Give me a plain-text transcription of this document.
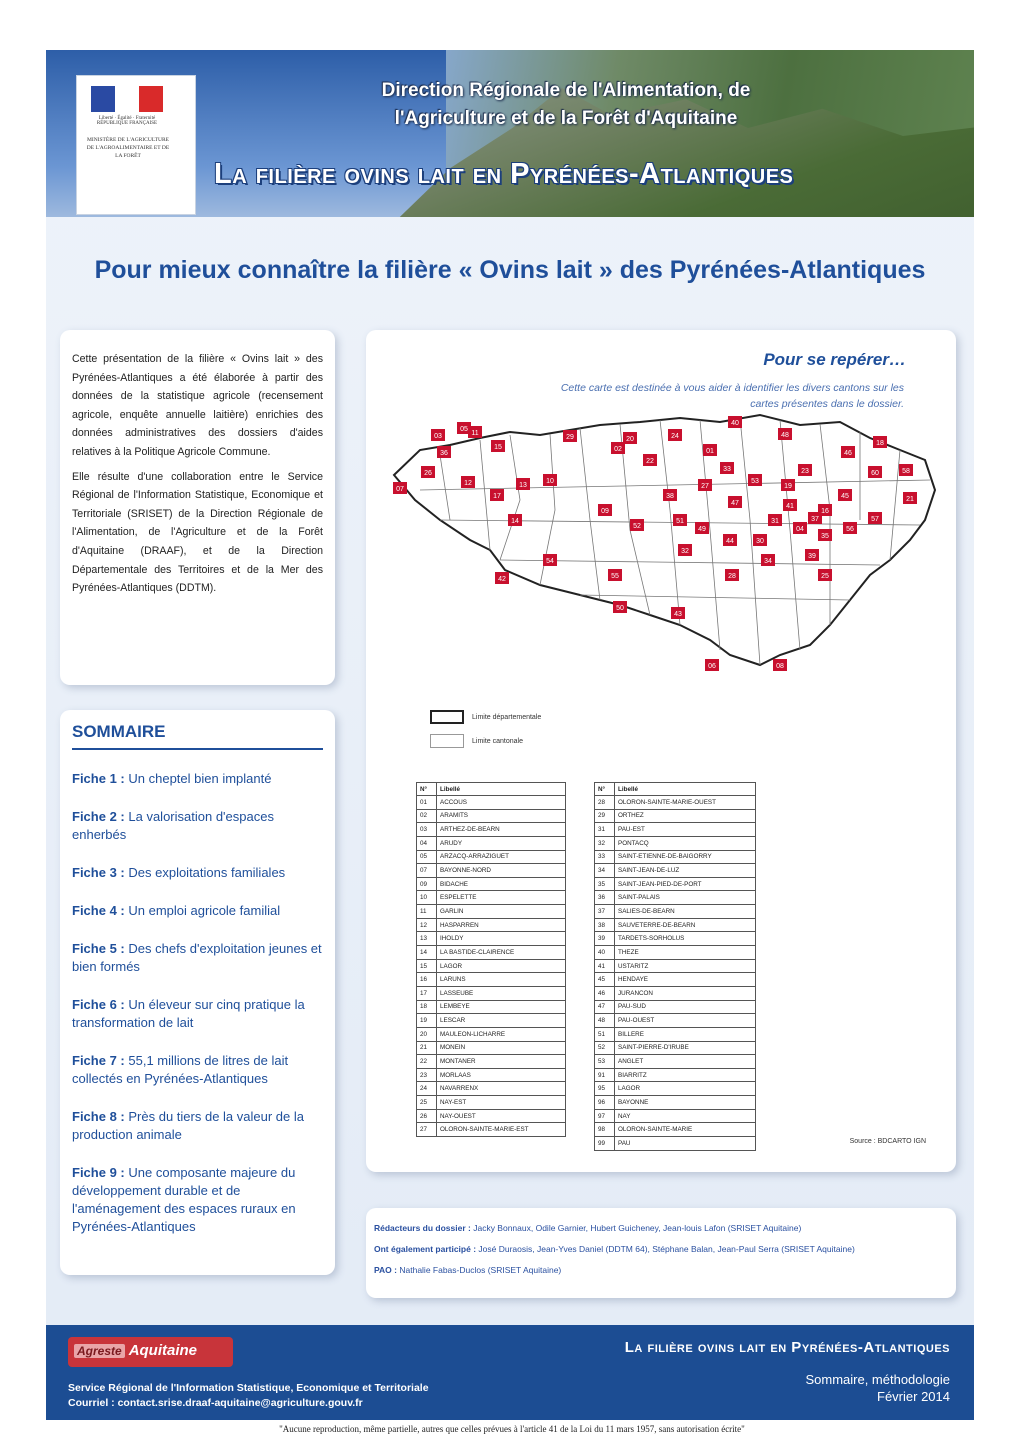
Liberté · Égalité · Fraternité RÉPUBLIQUE FRANÇAISE
MINISTÈRE DE L'AGRICULTURE DE L'AGROALIMENTAIRE ET DE LA FORÊT
Direction Régionale de l'Alimentation, de l'Agriculture et de la Forêt d'Aquitaine
La filière ovins lait en Pyrénées-Atlantiques
Pour mieux connaître la filière « Ovins lait » des Pyrénées-Atlantiques

Cette présentation de la filière « Ovins lait » des Pyrénées-Atlantiques a été élaborée à partir des données de la statistique agricole (recensement agricole, enquête annuelle laitière) enrichies des données administratives des dossiers d'aides relatives à la Politique Agricole Commune.

Elle résulte d'une collaboration entre le Service Régional de l'Information Statistique, Economique et Territoriale (SRISET) de la Direction Régionale de l'Alimentation, de l'Agriculture et de la Forêt d'Aquitaine (DRAAF), et de la Direction Départementale des Territoires et de la Mer des Pyrénées-Atlantiques (DDTM).

SOMMAIRE
Fiche 1 : Un cheptel bien implanté
Fiche 2 : La valorisation d'espaces enherbés
Fiche 3 : Des exploitations familiales
Fiche 4 : Un emploi agricole familial
Fiche 5 : Des chefs d'exploitation jeunes et bien formés
Fiche 6 : Un éleveur sur cinq pratique la transformation de lait
Fiche 7 : 55,1 millions de litres de lait collectés en Pyrénées-Atlantiques
Fiche 8 : Près du tiers de la valeur de la production animale
Fiche 9 : Une composante majeure du développement durable et de l'aménagement des espaces ruraux en Pyrénées-Atlantiques
Pour se repérer…
Cette carte est destinée à vous aider à identifier les divers cantons sur les cartes présentes dans le dossier.
07
26
36
03
05
11
15
12
17
13
10
29
09
02
20
22
24
01
40
48
18
46
33	23
38
51
27
47
53
32
52
19
45
41
31	37
16
35
56
21
57
44
55
54
42
14
60	58
39
25
34
28
43
50
49
30
06	08
04
Limite départementale
Limite cantonale
N°	Libellé
01	ACCOUS
02	ARAMITS
03	ARTHEZ-DE-BEARN
04	ARUDY
05	ARZACQ-ARRAZIGUET
07	BAYONNE-NORD
09	BIDACHE
10	ESPELETTE
11	GARLIN
12	HASPARREN
13	IHOLDY
14	LA BASTIDE-CLAIRENCE
15	LAGOR
16	LARUNS
17	LASSEUBE
18	LEMBEYE
19	LESCAR
20	MAULEON-LICHARRE
21	MONEIN
22	MONTANER
23	MORLAAS
24	NAVARRENX
25	NAY-EST
26	NAY-OUEST
27	OLORON-SAINTE-MARIE-EST
N°	Libellé
28	OLORON-SAINTE-MARIE-OUEST
29	ORTHEZ
31	PAU-EST
32	PONTACQ
33	SAINT-ETIENNE-DE-BAIGORRY
34	SAINT-JEAN-DE-LUZ
35	SAINT-JEAN-PIED-DE-PORT
36	SAINT-PALAIS
37	SALIES-DE-BEARN
38	SAUVETERRE-DE-BEARN
39	TARDETS-SORHOLUS
40	THEZE
41	USTARITZ
45	HENDAYE
46	JURANCON
47	PAU-SUD
48	PAU-OUEST
51	BILLERE
52	SAINT-PIERRE-D'IRUBE
53	ANGLET
91	BIARRITZ
95	LAGOR
96	BAYONNE
97	NAY
98	OLORON-SAINTE-MARIE
99	PAU	Source : BDCARTO IGN

Rédacteurs du dossier : Jacky Bonnaux, Odile Garnier, Hubert Guicheney, Jean-louis Lafon (SRISET Aquitaine)

Ont également participé : José Duraosis, Jean-Yves Daniel (DDTM 64), Stéphane Balan, Jean-Paul Serra (SRISET Aquitaine)

PAO : Nathalie Fabas-Duclos (SRISET Aquitaine)

Agreste Aquitaine	La filière ovins lait en Pyrénées-Atlantiques
Service Régional de l'Information Statistique, Economique et Territoriale
Courriel : contact.srise.draaf-aquitaine@agriculture.gouv.fr
Sommaire, méthodologie
Février 2014
"Aucune reproduction, même partielle, autres que celles prévues à l'article 41 de la Loi du 11 mars 1957, sans autorisation écrite"
